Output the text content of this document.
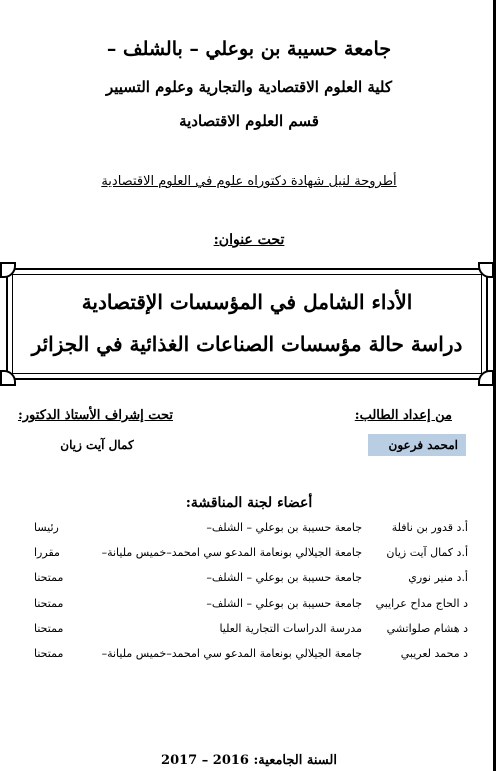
جامعة حسيبة بن بوعلي – بالشلف –
كلية العلوم الاقتصادية والتجارية وعلوم التسيير
قسم العلوم الاقتصادية
أطروحة لنيل شهادة دكتوراه علوم في العلوم الاقتصادية
تحت عنوان:
الأداء الشامل في المؤسسات الإقتصادية
دراسة حالة مؤسسات الصناعات الغذائية في الجزائر
من إعداد الطالب:
تحت إشراف الأستاذ الدكتور:
امحمد فرعون
كمال آيت زيان
أعضاء لجنة المناقشة:
أ.د قدور بن نافلة
جامعة حسيبة بن بوعلي – الشلف–
رئيسا
أ.د كمال آيت زيان
جامعة الجيلالي بونعامة المدعو سي امحمد–خميس مليانة–
مقررا
أ.د منير نوري
جامعة حسيبة بن بوعلي – الشلف–
ممتحنا
د الحاج مداح عرايبي
جامعة حسيبة بن بوعلي – الشلف–
ممتحنا
د هشام صلواتشي
مدرسة الدراسات التجارية العليا
ممتحنا
د محمد لعريبي
جامعة الجيلالي بونعامة المدعو سي امحمد–خميس مليانة–
ممتحنا
السنة الجامعية: 2016 – 2017
